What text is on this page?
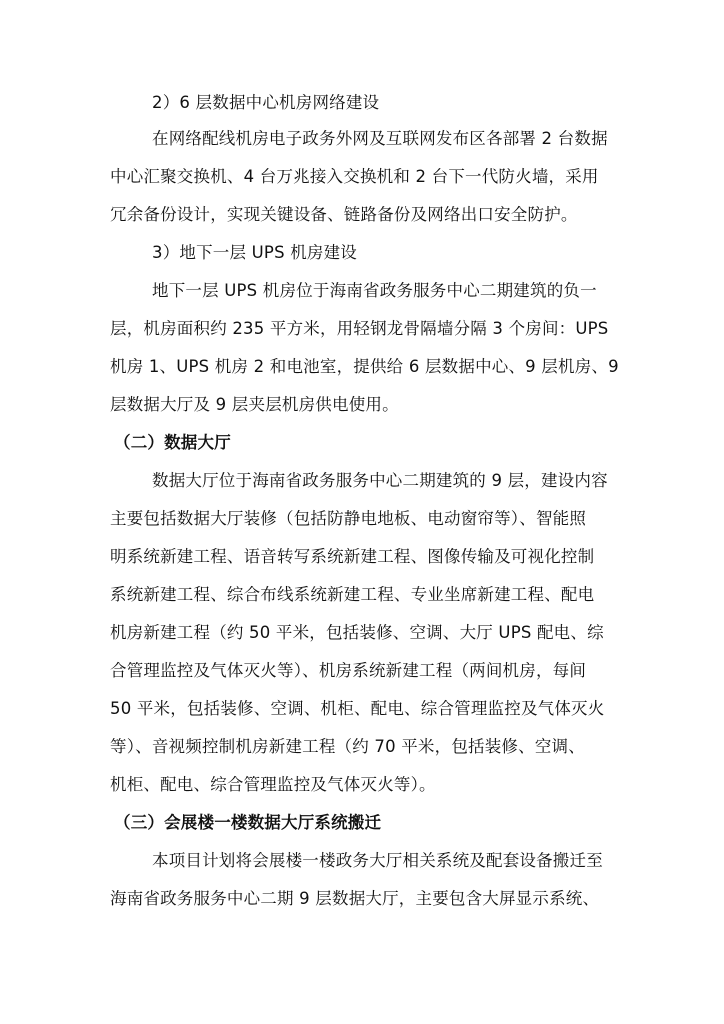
2）6 层数据中心机房网络建设
在网络配线机房电子政务外网及互联网发布区各部署 2 台数据
中心汇聚交换机、4 台万兆接入交换机和 2 台下一代防火墙，采用
冗余备份设计，实现关键设备、链路备份及网络出口安全防护。
3）地下一层 UPS 机房建设
地下一层 UPS 机房位于海南省政务服务中心二期建筑的负一
层，机房面积约 235 平方米，用轻钢龙骨隔墙分隔 3 个房间：UPS
机房 1、UPS 机房 2 和电池室，提供给 6 层数据中心、9 层机房、9
层数据大厅及 9 层夹层机房供电使用。
（二）数据大厅
数据大厅位于海南省政务服务中心二期建筑的 9 层，建设内容
主要包括数据大厅装修（包括防静电地板、电动窗帘等）、智能照
明系统新建工程、语音转写系统新建工程、图像传输及可视化控制
系统新建工程、综合布线系统新建工程、专业坐席新建工程、配电
机房新建工程（约 50 平米，包括装修、空调、大厅 UPS 配电、综
合管理监控及气体灭火等）、机房系统新建工程（两间机房，每间
50 平米，包括装修、空调、机柜、配电、综合管理监控及气体灭火
等）、音视频控制机房新建工程（约 70 平米，包括装修、空调、
机柜、配电、综合管理监控及气体灭火等）。
（三）会展楼一楼数据大厅系统搬迁
本项目计划将会展楼一楼政务大厅相关系统及配套设备搬迁至
海南省政务服务中心二期 9 层数据大厅，主要包含大屏显示系统、
